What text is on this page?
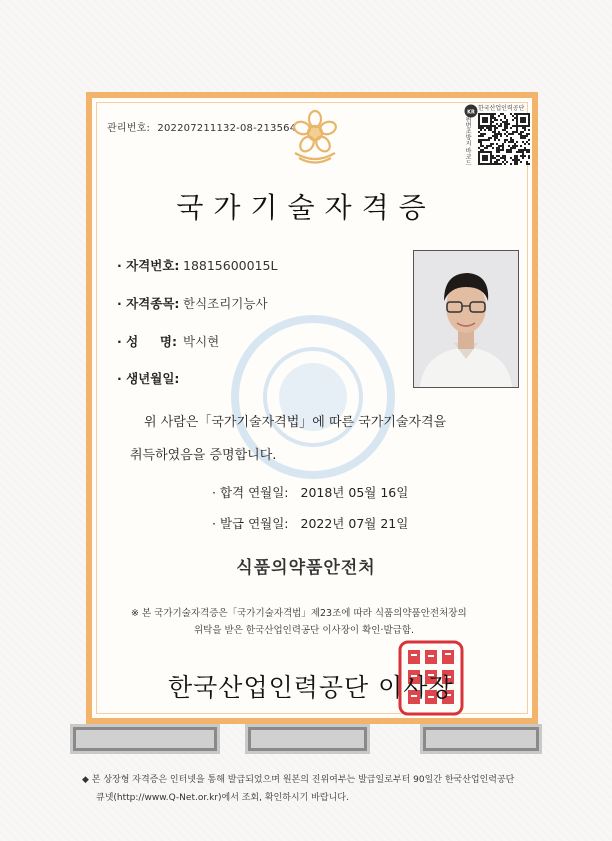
관리번호: 202207211132-08-213564
KR
한국산업인력공단
위변조방지 바코드
국가기술자격증
· 자격번호: 18815600015L
· 자격종목: 한식조리기능사
· 성     명: 박시현
· 생년월일:
위 사람은「국가기술자격법」에 따른 국가기술자격을
취득하였음을 증명합니다.
· 합격 연월일: 2018년 05월 16일
· 발급 연월일: 2022년 07월 21일
식품의약품안전처
※ 본 국가기술자격증은「국가기술자격법」제23조에 따라 식품의약품안전처장의
위탁을 받은 한국산업인력공단 이사장이 확인·발급함.
한국산업인력공단 이사장
◆ 본 상장형 자격증은 인터넷을 통해 발급되었으며 원본의 진위여부는 발급일로부터 90일간 한국산업인력공단
큐넷(http://www.Q-Net.or.kr)에서 조회, 확인하시기 바랍니다.
